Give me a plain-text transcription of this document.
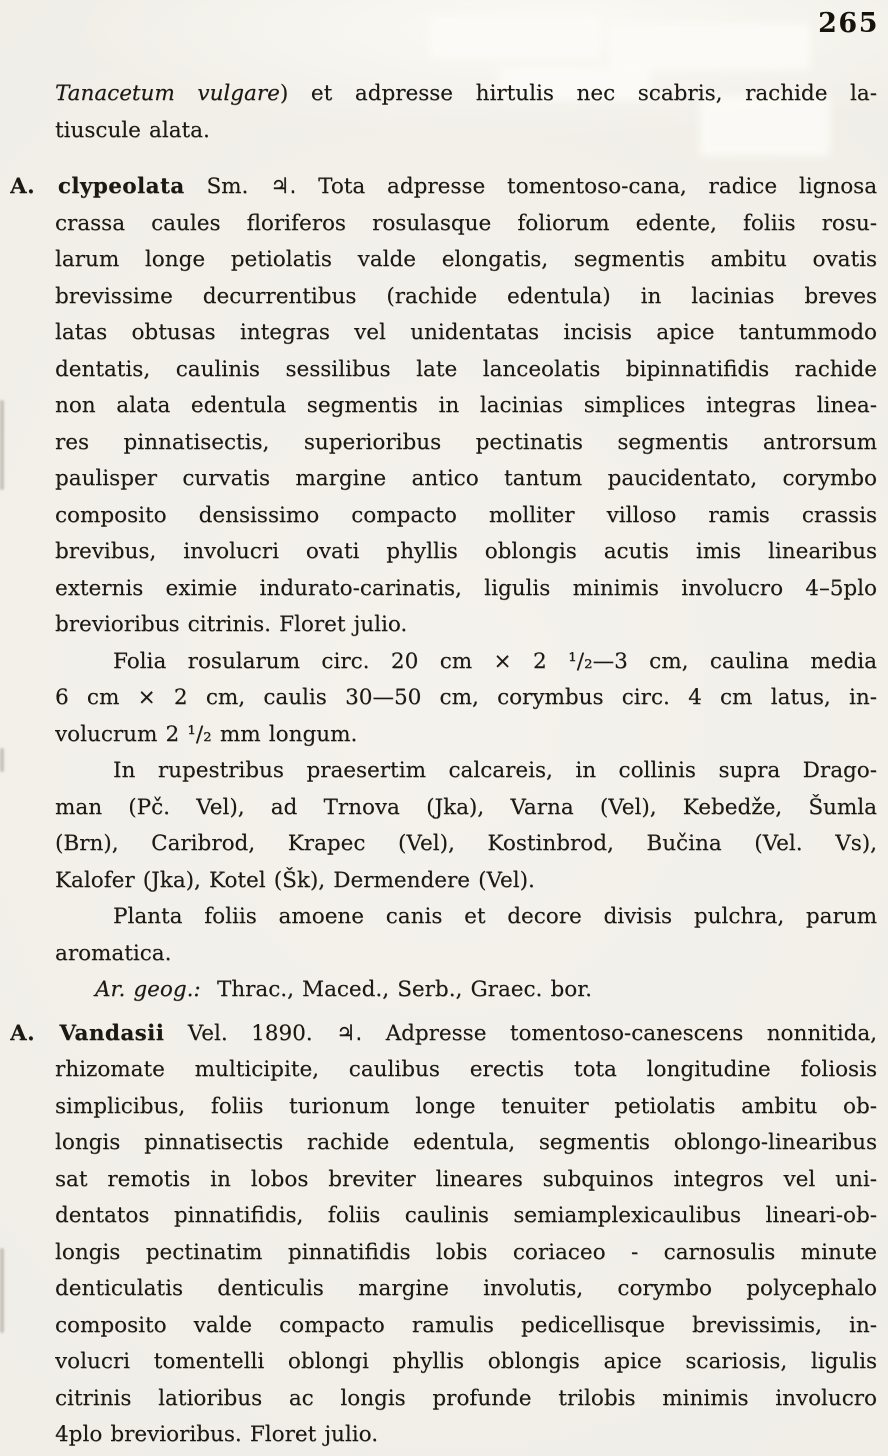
265
Tanacetum vulgare) et adpresse hirtulis nec scabris, rachide la-
tiuscule alata.
A. clypeolata Sm. ♃. Tota adpresse tomentoso-cana, radice lignosa
crassa caules floriferos rosulasque foliorum edente, foliis rosu-
larum longe petiolatis valde elongatis, segmentis ambitu ovatis
brevissime decurrentibus (rachide edentula) in lacinias breves
latas obtusas integras vel unidentatas incisis apice tantummodo
dentatis, caulinis sessilibus late lanceolatis bipinnatifidis rachide
non alata edentula segmentis in lacinias simplices integras linea-
res pinnatisectis, superioribus pectinatis segmentis antrorsum
paulisper curvatis margine antico tantum paucidentato, corymbo
composito densissimo compacto molliter villoso ramis crassis
brevibus, involucri ovati phyllis oblongis acutis imis linearibus
externis eximie indurato-carinatis, ligulis minimis involucro 4–5plo
brevioribus citrinis. Floret julio.
Folia rosularum circ. 20 cm × 2 ¹/₂—3 cm, caulina media
6 cm × 2 cm, caulis 30—50 cm, corymbus circ. 4 cm latus, in-
volucrum 2 ¹/₂ mm longum.
In rupestribus praesertim calcareis, in collinis supra Drago-
man (Pč. Vel), ad Trnova (Jka), Varna (Vel), Kebedže, Šumla
(Brn), Caribrod, Krapec (Vel), Kostinbrod, Bučina (Vel. Vs),
Kalofer (Jka), Kotel (Šk), Dermendere (Vel).
Planta foliis amoene canis et decore divisis pulchra, parum
aromatica.
Ar. geog.: Thrac., Maced., Serb., Graec. bor.
A. Vandasii Vel. 1890. ♃. Adpresse tomentoso-canescens nonnitida,
rhizomate multicipite, caulibus erectis tota longitudine foliosis
simplicibus, foliis turionum longe tenuiter petiolatis ambitu ob-
longis pinnatisectis rachide edentula, segmentis oblongo-linearibus
sat remotis in lobos breviter lineares subquinos integros vel uni-
dentatos pinnatifidis, foliis caulinis semiamplexicaulibus lineari-ob-
longis pectinatim pinnatifidis lobis coriaceo - carnosulis minute
denticulatis denticulis margine involutis, corymbo polycephalo
composito valde compacto ramulis pedicellisque brevissimis, in-
volucri tomentelli oblongi phyllis oblongis apice scariosis, ligulis
citrinis latioribus ac longis profunde trilobis minimis involucro
4plo brevioribus. Floret julio.
